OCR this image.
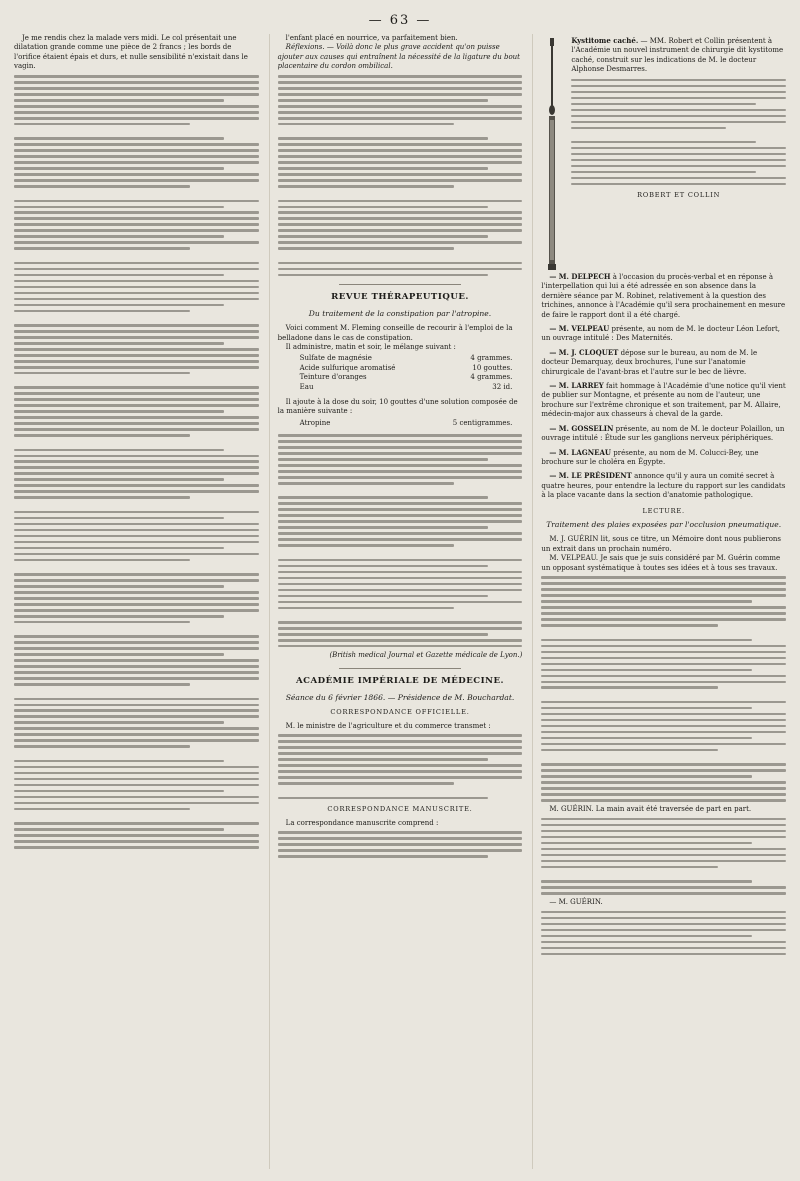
— 63 —

Je me rendis chez la malade vers midi. Le col présentait une dilatation grande comme une pièce de 2 francs ; les bords de l'orifice étaient épais et durs, et nulle sensibilité n'existait dans le vagin.

l'enfant placé en nourrice, va parfaitement bien.

Réflexions. — Voilà donc le plus grave accident qu'on puisse ajouter aux causes qui entraînent la nécessité de la ligature du bout placentaire du cordon ombilical.

REVUE THÉRAPEUTIQUE.
Du traitement de la constipation par l'atropine.

Voici comment M. Fleming conseille de recourir à l'emploi de la belladone dans le cas de constipation.

Il administre, matin et soir, le mélange suivant :

Sulfate de magnésie	4 grammes.
Acide sulfurique aromatisé	10 gouttes.
Teinture d'oranges	4 grammes.
Eau	32 id.

Il ajoute à la dose du soir, 10 gouttes d'une solution composée de la manière suivante :

Atropine	5 centigrammes.
(British medical Journal et Gazette médicale de Lyon.)
ACADÉMIE IMPÉRIALE DE MÉDECINE.
Séance du 6 février 1866. — Présidence de M. Bouchardat.
CORRESPONDANCE OFFICIELLE.

M. le ministre de l'agriculture et du commerce transmet :

CORRESPONDANCE MANUSCRITE.

La correspondance manuscrite comprend :

Kystitome caché. — MM. Robert et Collin présentent à l'Académie un nouvel instrument de chirurgie dit kystitome caché, construit sur les indications de M. le docteur Alphonse Desmarres.

ROBERT ET COLLIN

— M. DELPECH à l'occasion du procès-verbal et en réponse à l'interpellation qui lui a été adressée en son absence dans la dernière séance par M. Robinet, relativement à la question des trichines, annonce à l'Académie qu'il sera prochainement en mesure de faire le rapport dont il a été chargé.

— M. VELPEAU présente, au nom de M. le docteur Léon Lefort, un ouvrage intitulé : Des Maternités.

— M. J. CLOQUET dépose sur le bureau, au nom de M. le docteur Demarquay, deux brochures, l'une sur l'anatomie chirurgicale de l'avant-bras et l'autre sur le bec de lièvre.

— M. LARREY fait hommage à l'Académie d'une notice qu'il vient de publier sur Montagne, et présente au nom de l'auteur, une brochure sur l'extrême chronique et son traitement, par M. Allaire, médecin-major aux chasseurs à cheval de la garde.

— M. GOSSELIN présente, au nom de M. le docteur Polaillon, un ouvrage intitulé : Étude sur les ganglions nerveux périphériques.

— M. LAGNEAU présente, au nom de M. Colucci-Bey, une brochure sur le choléra en Égypte.

— M. LE PRÉSIDENT annonce qu'il y aura un comité secret à quatre heures, pour entendre la lecture du rapport sur les candidats à la place vacante dans la section d'anatomie pathologique.

LECTURE.
Traitement des plaies exposées par l'occlusion pneumatique.

M. J. GUÉRIN lit, sous ce titre, un Mémoire dont nous publierons un extrait dans un prochain numéro.

M. VELPEAU. Je sais que je suis considéré par M. Guérin comme un opposant systématique à toutes ses idées et à tous ses travaux.

M. GUÉRIN. La main avait été traversée de part en part.

— M. GUÉRIN.
